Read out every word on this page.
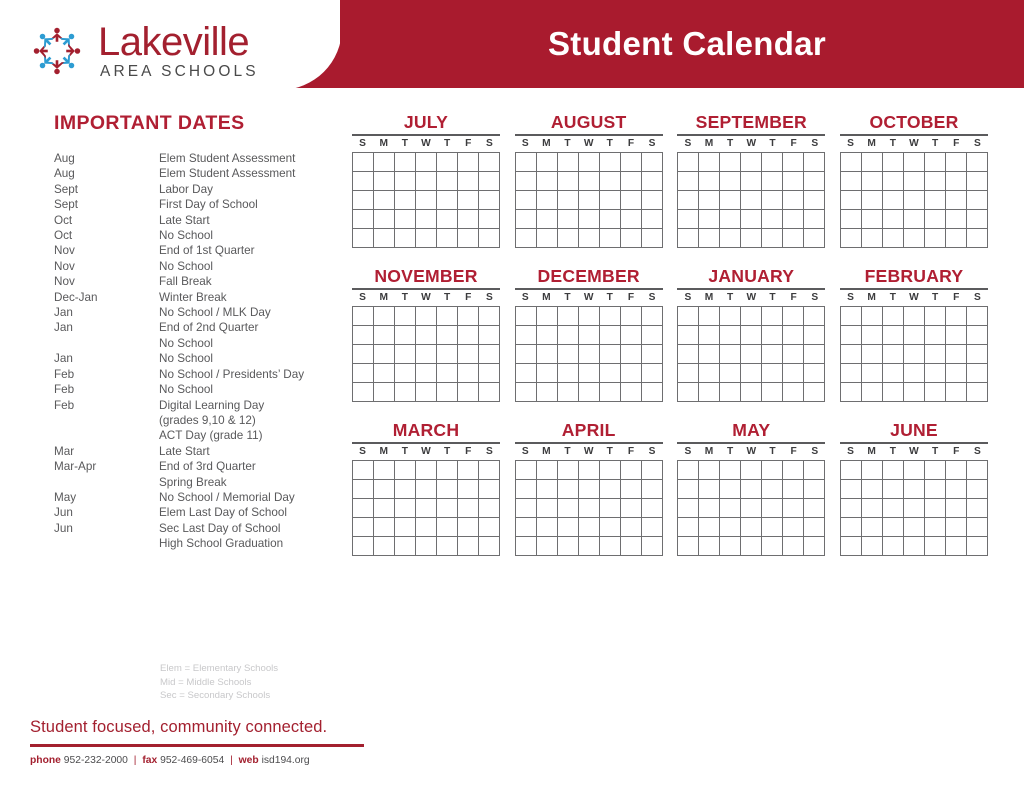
Student Calendar
Lakeville
AREA SCHOOLS
IMPORTANT DATES
Aug	Elem Student Assessment
Aug	Elem Student Assessment
Sept	Labor Day
Sept	First Day of School
Oct	Late Start
Oct	No School
Nov	End of 1st Quarter
Nov	No School
Nov	Fall Break
Dec-Jan	Winter Break
Jan	No School / MLK Day
Jan	End of 2nd Quarter
	No School
Jan	No School
Feb	No School / Presidents’ Day
Feb	No School
Feb	Digital Learning Day
	(grades 9,10 & 12)
	ACT Day (grade 11)
Mar	Late Start
Mar-Apr	End of 3rd Quarter
	Spring Break
May	No School / Memorial Day
Jun	Elem Last Day of School
Jun	Sec Last Day of School
	High School Graduation
Elem = Elementary Schools
Mid = Middle Schools
Sec = Secondary Schools
Student focused, community connected.
phone 952-232-2000 | fax 952-469-6054 | web isd194.org
JULY
S	M	T	W	T	F	S
AUGUST
S	M	T	W	T	F	S
SEPTEMBER
S	M	T	W	T	F	S
OCTOBER
S	M	T	W	T	F	S
NOVEMBER
S	M	T	W	T	F	S
DECEMBER
S	M	T	W	T	F	S
JANUARY
S	M	T	W	T	F	S
FEBRUARY
S	M	T	W	T	F	S
MARCH
S	M	T	W	T	F	S
APRIL
S	M	T	W	T	F	S
MAY
S	M	T	W	T	F	S
JUNE
S	M	T	W	T	F	S
